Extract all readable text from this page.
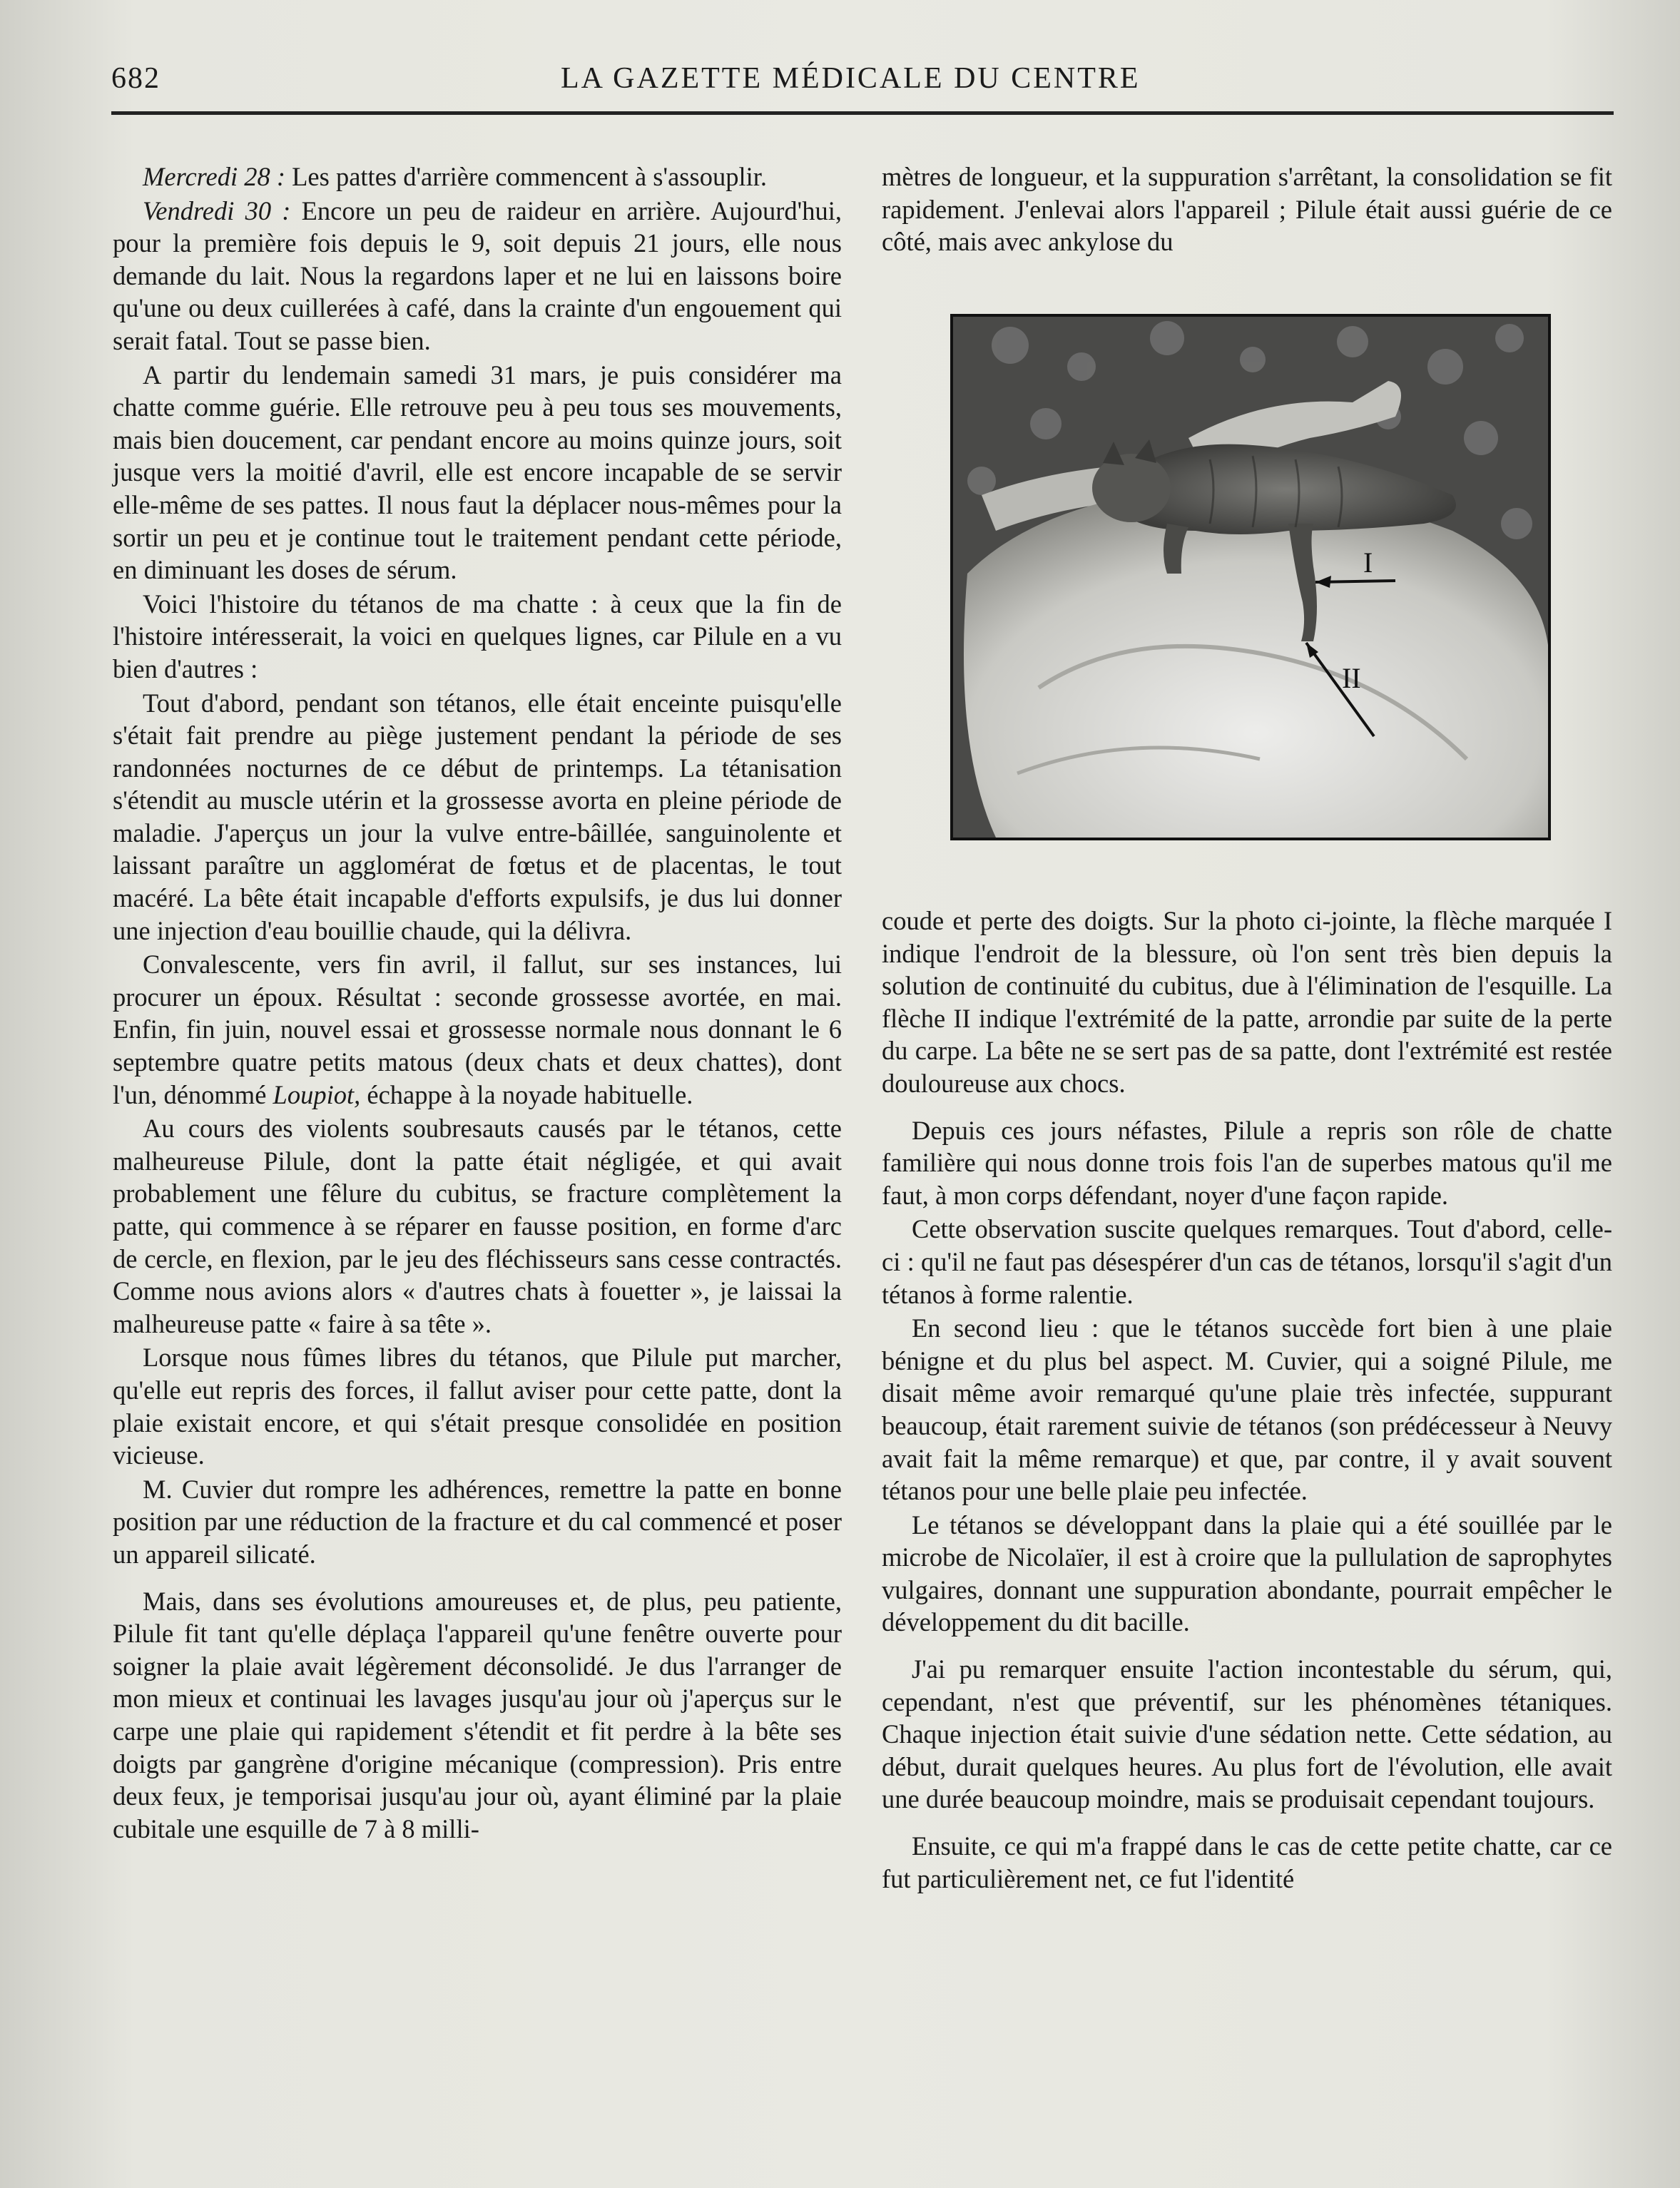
682	LA GAZETTE MÉDICALE DU CENTRE

Mercredi 28 : Les pattes d'arrière commencent à s'assouplir.

Vendredi 30 : Encore un peu de raideur en arrière. Aujourd'hui, pour la première fois depuis le 9, soit depuis 21 jours, elle nous demande du lait. Nous la regardons laper et ne lui en laissons boire qu'une ou deux cuillerées à café, dans la crainte d'un engouement qui serait fatal. Tout se passe bien.

A partir du lendemain samedi 31 mars, je puis considérer ma chatte comme guérie. Elle retrouve peu à peu tous ses mouvements, mais bien doucement, car pendant encore au moins quinze jours, soit jusque vers la moitié d'avril, elle est encore incapable de se servir elle-même de ses pattes. Il nous faut la déplacer nous-mêmes pour la sortir un peu et je continue tout le traitement pendant cette période, en diminuant les doses de sérum.

Voici l'histoire du tétanos de ma chatte : à ceux que la fin de l'histoire intéresserait, la voici en quelques lignes, car Pilule en a vu bien d'autres :

Tout d'abord, pendant son tétanos, elle était enceinte puisqu'elle s'était fait prendre au piège justement pendant la période de ses randonnées nocturnes de ce début de printemps. La tétanisation s'étendit au muscle utérin et la grossesse avorta en pleine période de maladie. J'aperçus un jour la vulve entre-bâillée, sanguinolente et laissant paraître un agglomérat de fœtus et de placentas, le tout macéré. La bête était incapable d'efforts expulsifs, je dus lui donner une injection d'eau bouillie chaude, qui la délivra.

Convalescente, vers fin avril, il fallut, sur ses instances, lui procurer un époux. Résultat : seconde grossesse avortée, en mai. Enfin, fin juin, nouvel essai et grossesse normale nous donnant le 6 septembre quatre petits matous (deux chats et deux chattes), dont l'un, dénommé Loupiot, échappe à la noyade habituelle.

Au cours des violents soubresauts causés par le tétanos, cette malheureuse Pilule, dont la patte était négligée, et qui avait probablement une fêlure du cubitus, se fracture complètement la patte, qui commence à se réparer en fausse position, en forme d'arc de cercle, en flexion, par le jeu des fléchisseurs sans cesse contractés. Comme nous avions alors « d'autres chats à fouetter », je laissai la malheureuse patte « faire à sa tête ».

Lorsque nous fûmes libres du tétanos, que Pilule put marcher, qu'elle eut repris des forces, il fallut aviser pour cette patte, dont la plaie existait encore, et qui s'était presque consolidée en position vicieuse.

M. Cuvier dut rompre les adhérences, remettre la patte en bonne position par une réduction de la fracture et du cal commencé et poser un appareil silicaté.

Mais, dans ses évolutions amoureuses et, de plus, peu patiente, Pilule fit tant qu'elle déplaça l'appareil qu'une fenêtre ouverte pour soigner la plaie avait légèrement déconsolidé. Je dus l'arranger de mon mieux et continuai les lavages jusqu'au jour où j'aperçus sur le carpe une plaie qui rapidement s'étendit et fit perdre à la bête ses doigts par gangrène d'origine mécanique (compression). Pris entre deux feux, je temporisai jusqu'au jour où, ayant éliminé par la plaie cubitale une esquille de 7 à 8 milli-

mètres de longueur, et la suppuration s'arrêtant, la consolidation se fit rapidement. J'enlevai alors l'appareil ; Pilule était aussi guérie de ce côté, mais avec ankylose du

I
II

coude et perte des doigts. Sur la photo ci-jointe, la flèche marquée I indique l'endroit de la blessure, où l'on sent très bien depuis la solution de continuité du cubitus, due à l'élimination de l'esquille. La flèche II indique l'extrémité de la patte, arrondie par suite de la perte du carpe. La bête ne se sert pas de sa patte, dont l'extrémité est restée douloureuse aux chocs.

Depuis ces jours néfastes, Pilule a repris son rôle de chatte familière qui nous donne trois fois l'an de superbes matous qu'il me faut, à mon corps défendant, noyer d'une façon rapide.

Cette observation suscite quelques remarques. Tout d'abord, celle-ci : qu'il ne faut pas désespérer d'un cas de tétanos, lorsqu'il s'agit d'un tétanos à forme ralentie.

En second lieu : que le tétanos succède fort bien à une plaie bénigne et du plus bel aspect. M. Cuvier, qui a soigné Pilule, me disait même avoir remarqué qu'une plaie très infectée, suppurant beaucoup, était rarement suivie de tétanos (son prédécesseur à Neuvy avait fait la même remarque) et que, par contre, il y avait souvent tétanos pour une belle plaie peu infectée.

Le tétanos se développant dans la plaie qui a été souillée par le microbe de Nicolaïer, il est à croire que la pullulation de saprophytes vulgaires, donnant une suppuration abondante, pourrait empêcher le développement du dit bacille.

J'ai pu remarquer ensuite l'action incontestable du sérum, qui, cependant, n'est que préventif, sur les phénomènes tétaniques. Chaque injection était suivie d'une sédation nette. Cette sédation, au début, durait quelques heures. Au plus fort de l'évolution, elle avait une durée beaucoup moindre, mais se produisait cependant toujours.

Ensuite, ce qui m'a frappé dans le cas de cette petite chatte, car ce fut particulièrement net, ce fut l'identité
